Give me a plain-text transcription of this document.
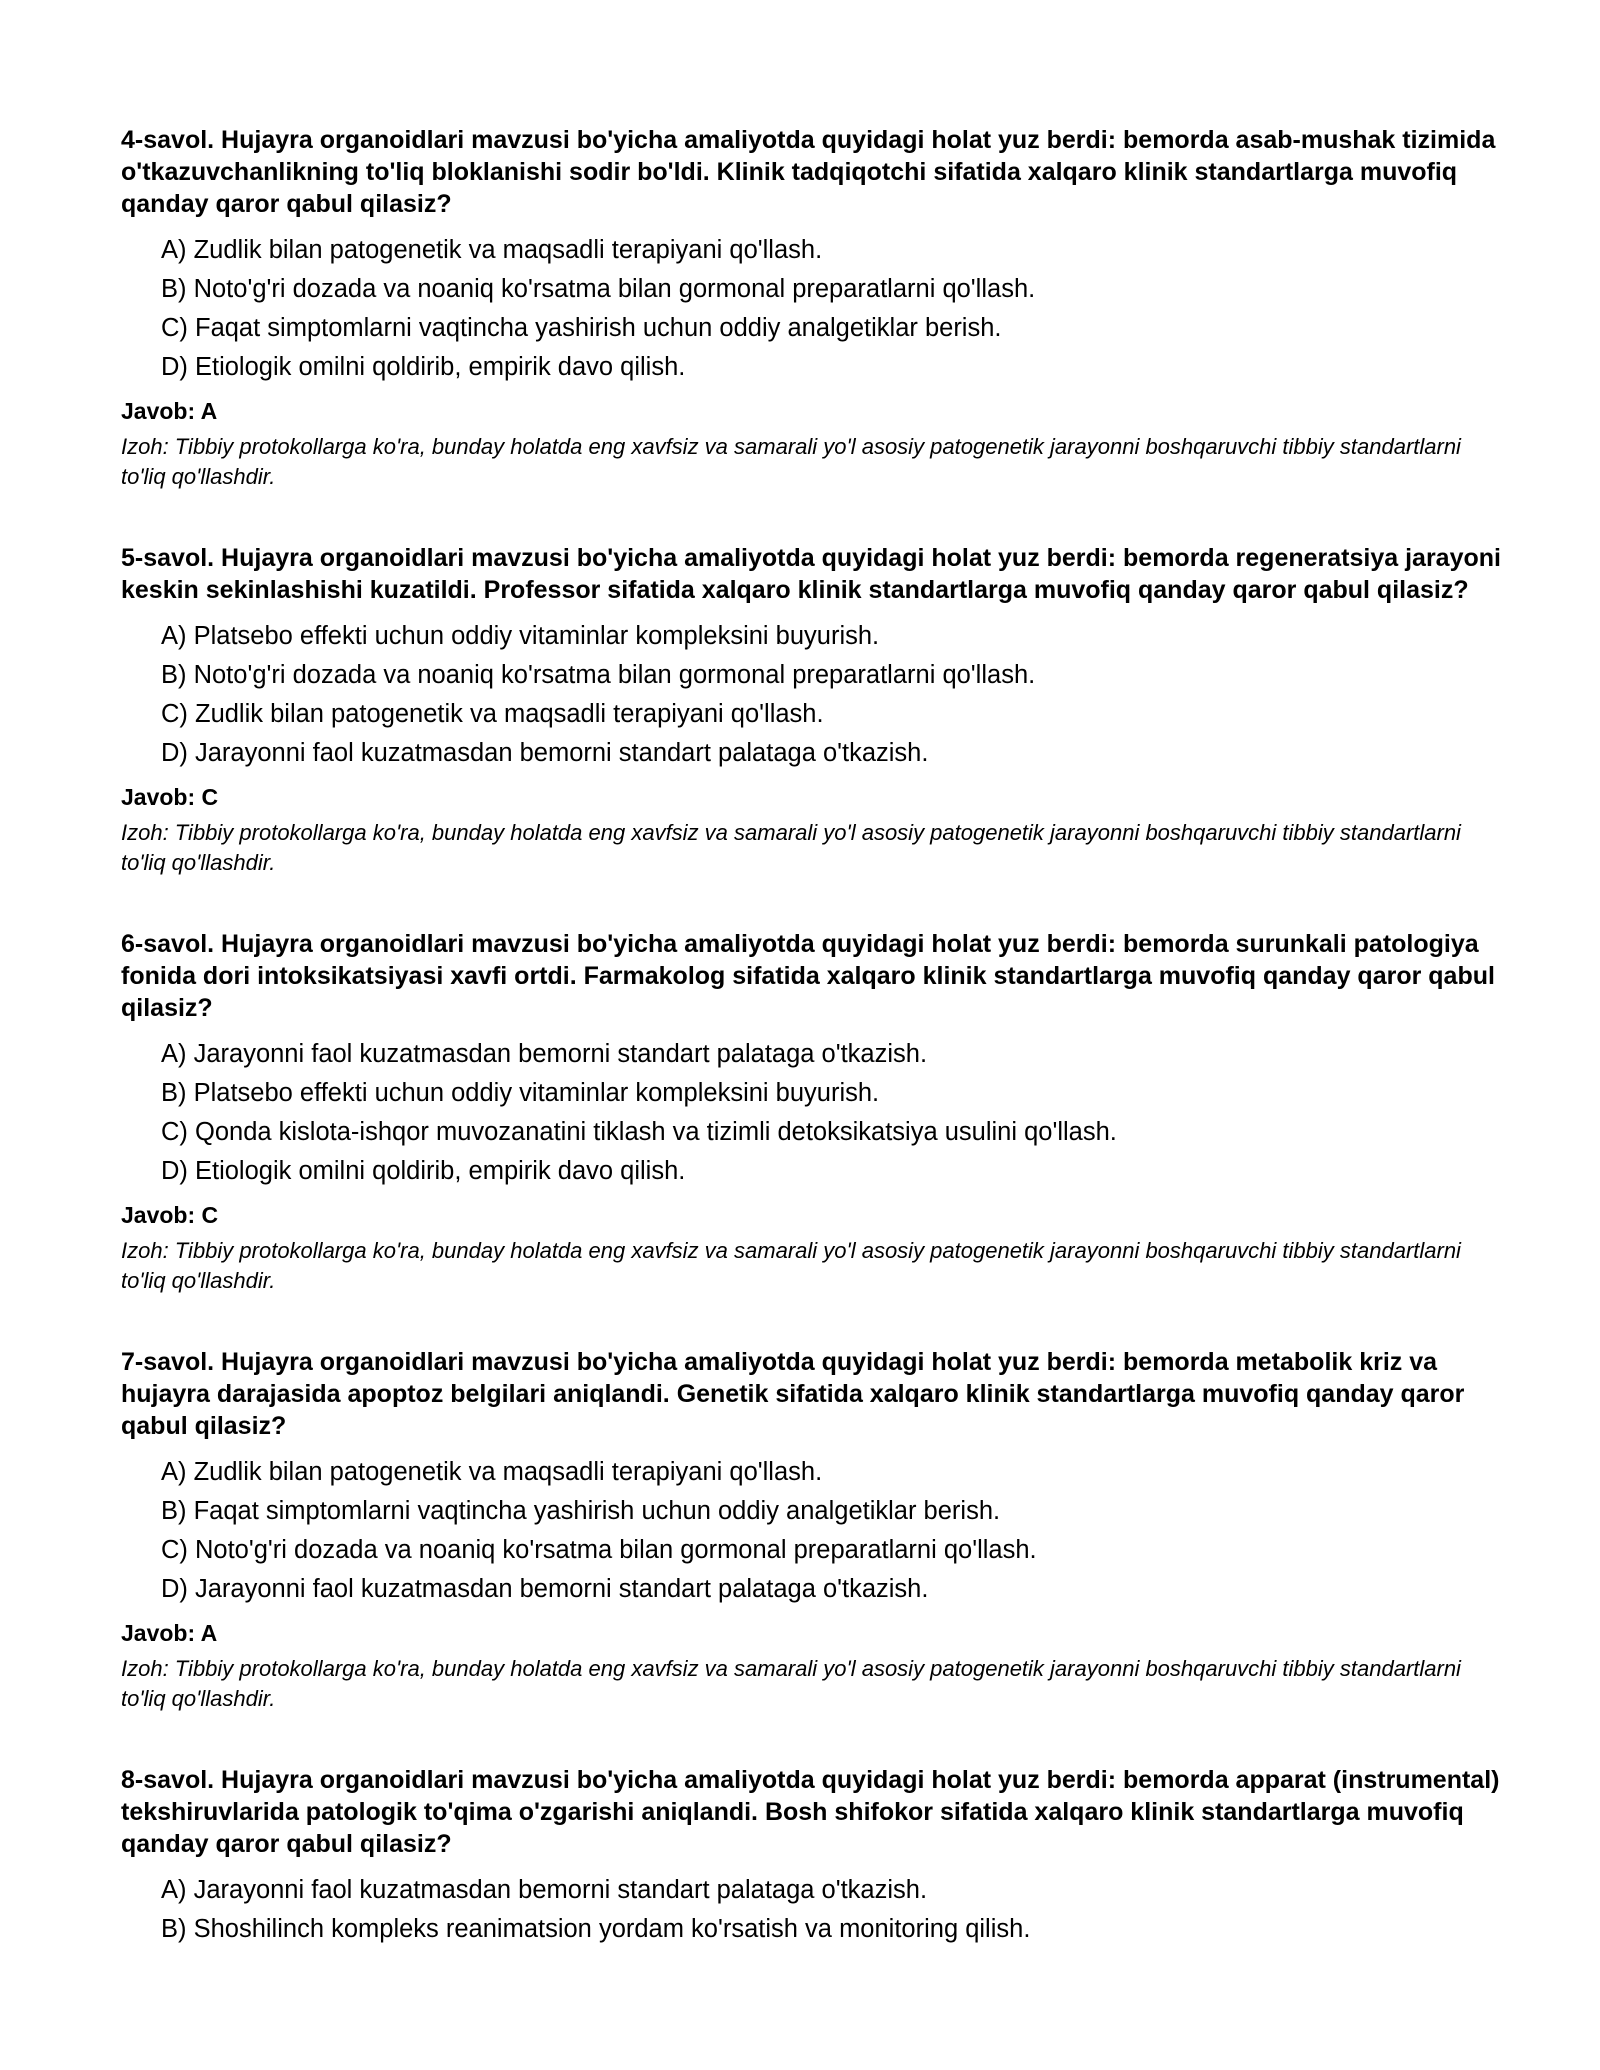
4-savol. Hujayra organoidlari mavzusi bo'yicha amaliyotda quyidagi holat yuz berdi: bemorda asab-mushak tizimida o'tkazuvchanlikning to'liq bloklanishi sodir bo'ldi. Klinik tadqiqotchi sifatida xalqaro klinik standartlarga muvofiq qanday qaror qabul qilasiz?
A) Zudlik bilan patogenetik va maqsadli terapiyani qo'llash.
B) Noto'g'ri dozada va noaniq ko'rsatma bilan gormonal preparatlarni qo'llash.
C) Faqat simptomlarni vaqtincha yashirish uchun oddiy analgetiklar berish.
D) Etiologik omilni qoldirib, empirik davo qilish.
Javob: A
Izoh: Tibbiy protokollarga ko'ra, bunday holatda eng xavfsiz va samarali yo'l asosiy patogenetik jarayonni boshqaruvchi tibbiy standartlarni to'liq qo'llashdir.
5-savol. Hujayra organoidlari mavzusi bo'yicha amaliyotda quyidagi holat yuz berdi: bemorda regeneratsiya jarayoni keskin sekinlashishi kuzatildi. Professor sifatida xalqaro klinik standartlarga muvofiq qanday qaror qabul qilasiz?
A) Platsebo effekti uchun oddiy vitaminlar kompleksini buyurish.
B) Noto'g'ri dozada va noaniq ko'rsatma bilan gormonal preparatlarni qo'llash.
C) Zudlik bilan patogenetik va maqsadli terapiyani qo'llash.
D) Jarayonni faol kuzatmasdan bemorni standart palataga o'tkazish.
Javob: C
Izoh: Tibbiy protokollarga ko'ra, bunday holatda eng xavfsiz va samarali yo'l asosiy patogenetik jarayonni boshqaruvchi tibbiy standartlarni to'liq qo'llashdir.
6-savol. Hujayra organoidlari mavzusi bo'yicha amaliyotda quyidagi holat yuz berdi: bemorda surunkali patologiya fonida dori intoksikatsiyasi xavfi ortdi. Farmakolog sifatida xalqaro klinik standartlarga muvofiq qanday qaror qabul qilasiz?
A) Jarayonni faol kuzatmasdan bemorni standart palataga o'tkazish.
B) Platsebo effekti uchun oddiy vitaminlar kompleksini buyurish.
C) Qonda kislota-ishqor muvozanatini tiklash va tizimli detoksikatsiya usulini qo'llash.
D) Etiologik omilni qoldirib, empirik davo qilish.
Javob: C
Izoh: Tibbiy protokollarga ko'ra, bunday holatda eng xavfsiz va samarali yo'l asosiy patogenetik jarayonni boshqaruvchi tibbiy standartlarni to'liq qo'llashdir.
7-savol. Hujayra organoidlari mavzusi bo'yicha amaliyotda quyidagi holat yuz berdi: bemorda metabolik kriz va hujayra darajasida apoptoz belgilari aniqlandi. Genetik sifatida xalqaro klinik standartlarga muvofiq qanday qaror qabul qilasiz?
A) Zudlik bilan patogenetik va maqsadli terapiyani qo'llash.
B) Faqat simptomlarni vaqtincha yashirish uchun oddiy analgetiklar berish.
C) Noto'g'ri dozada va noaniq ko'rsatma bilan gormonal preparatlarni qo'llash.
D) Jarayonni faol kuzatmasdan bemorni standart palataga o'tkazish.
Javob: A
Izoh: Tibbiy protokollarga ko'ra, bunday holatda eng xavfsiz va samarali yo'l asosiy patogenetik jarayonni boshqaruvchi tibbiy standartlarni to'liq qo'llashdir.
8-savol. Hujayra organoidlari mavzusi bo'yicha amaliyotda quyidagi holat yuz berdi: bemorda apparat (instrumental) tekshiruvlarida patologik to'qima o'zgarishi aniqlandi. Bosh shifokor sifatida xalqaro klinik standartlarga muvofiq qanday qaror qabul qilasiz?
A) Jarayonni faol kuzatmasdan bemorni standart palataga o'tkazish.
B) Shoshilinch kompleks reanimatsion yordam ko'rsatish va monitoring qilish.
